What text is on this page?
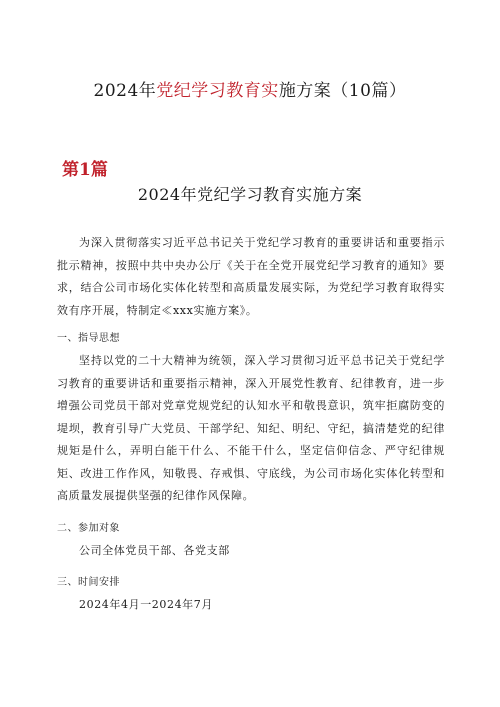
2024年党纪学习教育实施方案（10篇）
第1篇
2024年党纪学习教育实施方案

为深入贯彻落实习近平总书记关于党纪学习教育的重要讲话和重要指示批示精神，按照中共中央办公厅《关于在全党开展党纪学习教育的通知》要求，结合公司市场化实体化转型和高质量发展实际，为党纪学习教育取得实效有序开展，特制定≪xxx实施方案》。

一、指导思想

坚持以党的二十大精神为统领，深入学习贯彻习近平总书记关于党纪学习教育的重要讲话和重要指示精神，深入开展党性教育、纪律教育，进一步增强公司党员干部对党章党规党纪的认知水平和敬畏意识，筑牢拒腐防变的堤坝，教育引导广大党员、干部学纪、知纪、明纪、守纪，搞清楚党的纪律规矩是什么，弄明白能干什么、不能干什么，坚定信仰信念、严守纪律规矩、改进工作作风，知敬畏、存戒惧、守底线，为公司市场化实体化转型和高质量发展提供坚强的纪律作风保障。

二、参加对象

公司全体党员干部、各党支部

三、时间安排

2024年4月一2024年7月
